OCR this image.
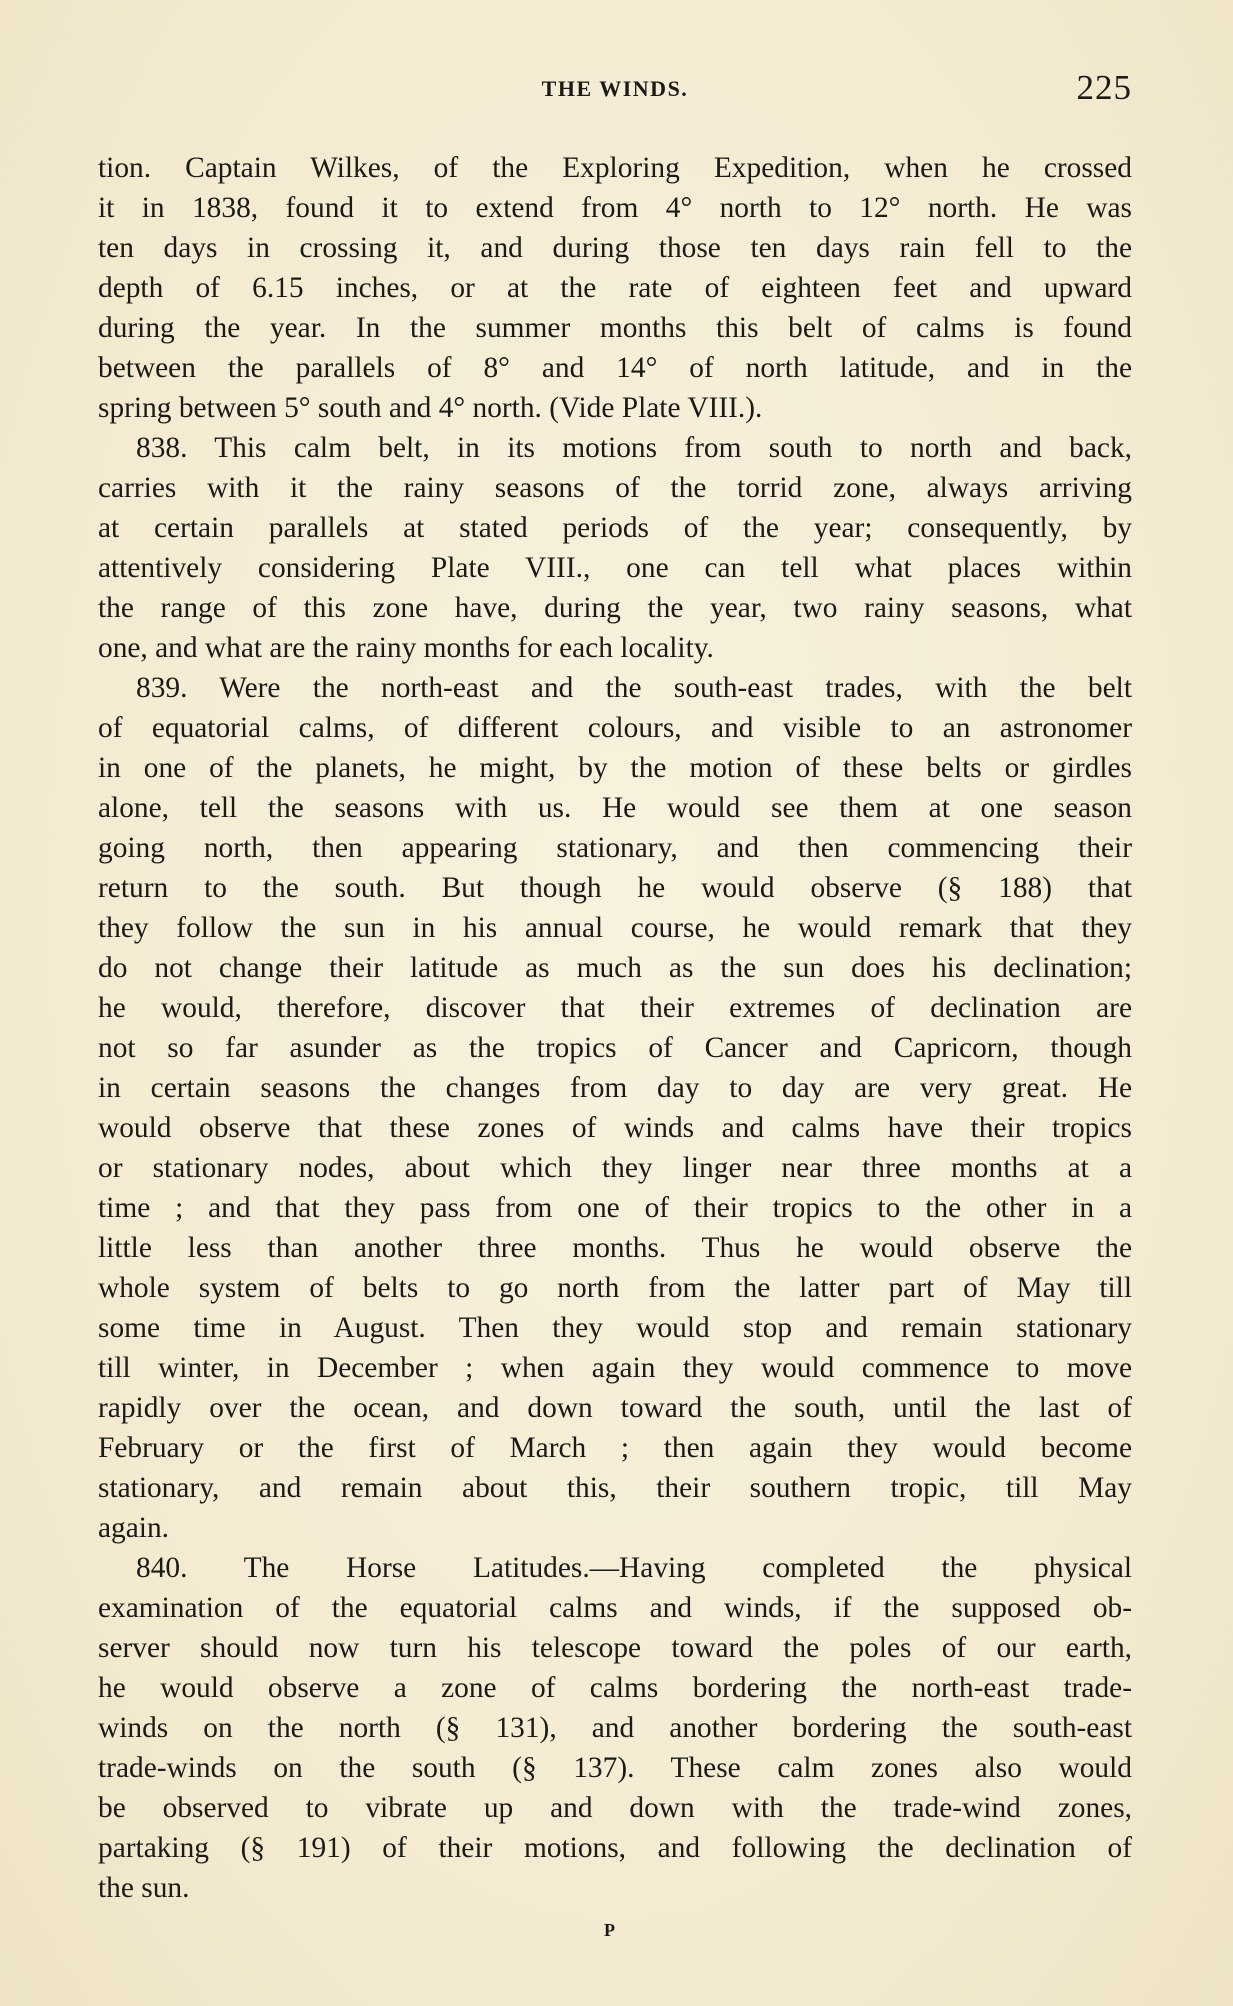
THE WINDS.	225
tion. Captain Wilkes, of the Exploring Expedition, when he crossed
it in 1838, found it to extend from 4° north to 12° north. He was
ten days in crossing it, and during those ten days rain fell to the
depth of 6.15 inches, or at the rate of eighteen feet and upward
during the year. In the summer months this belt of calms is found
between the parallels of 8° and 14° of north latitude, and in the
spring between 5° south and 4° north. (Vide Plate VIII.).
838. This calm belt, in its motions from south to north and back,
carries with it the rainy seasons of the torrid zone, always arriving
at certain parallels at stated periods of the year; consequently, by
attentively considering Plate VIII., one can tell what places within
the range of this zone have, during the year, two rainy seasons, what
one, and what are the rainy months for each locality.
839. Were the north-east and the south-east trades, with the belt
of equatorial calms, of different colours, and visible to an astronomer
in one of the planets, he might, by the motion of these belts or girdles
alone, tell the seasons with us. He would see them at one season
going north, then appearing stationary, and then commencing their
return to the south. But though he would observe (§ 188) that
they follow the sun in his annual course, he would remark that they
do not change their latitude as much as the sun does his declination;
he would, therefore, discover that their extremes of declination are
not so far asunder as the tropics of Cancer and Capricorn, though
in certain seasons the changes from day to day are very great. He
would observe that these zones of winds and calms have their tropics
or stationary nodes, about which they linger near three months at a
time ; and that they pass from one of their tropics to the other in a
little less than another three months. Thus he would observe the
whole system of belts to go north from the latter part of May till
some time in August. Then they would stop and remain stationary
till winter, in December ; when again they would commence to move
rapidly over the ocean, and down toward the south, until the last of
February or the first of March ; then again they would become
stationary, and remain about this, their southern tropic, till May
again.
840. The Horse Latitudes.—Having completed the physical
examination of the equatorial calms and winds, if the supposed ob-
server should now turn his telescope toward the poles of our earth,
he would observe a zone of calms bordering the north-east trade-
winds on the north (§ 131), and another bordering the south-east
trade-winds on the south (§ 137). These calm zones also would
be observed to vibrate up and down with the trade-wind zones,
partaking (§ 191) of their motions, and following the declination of
the sun.
P
